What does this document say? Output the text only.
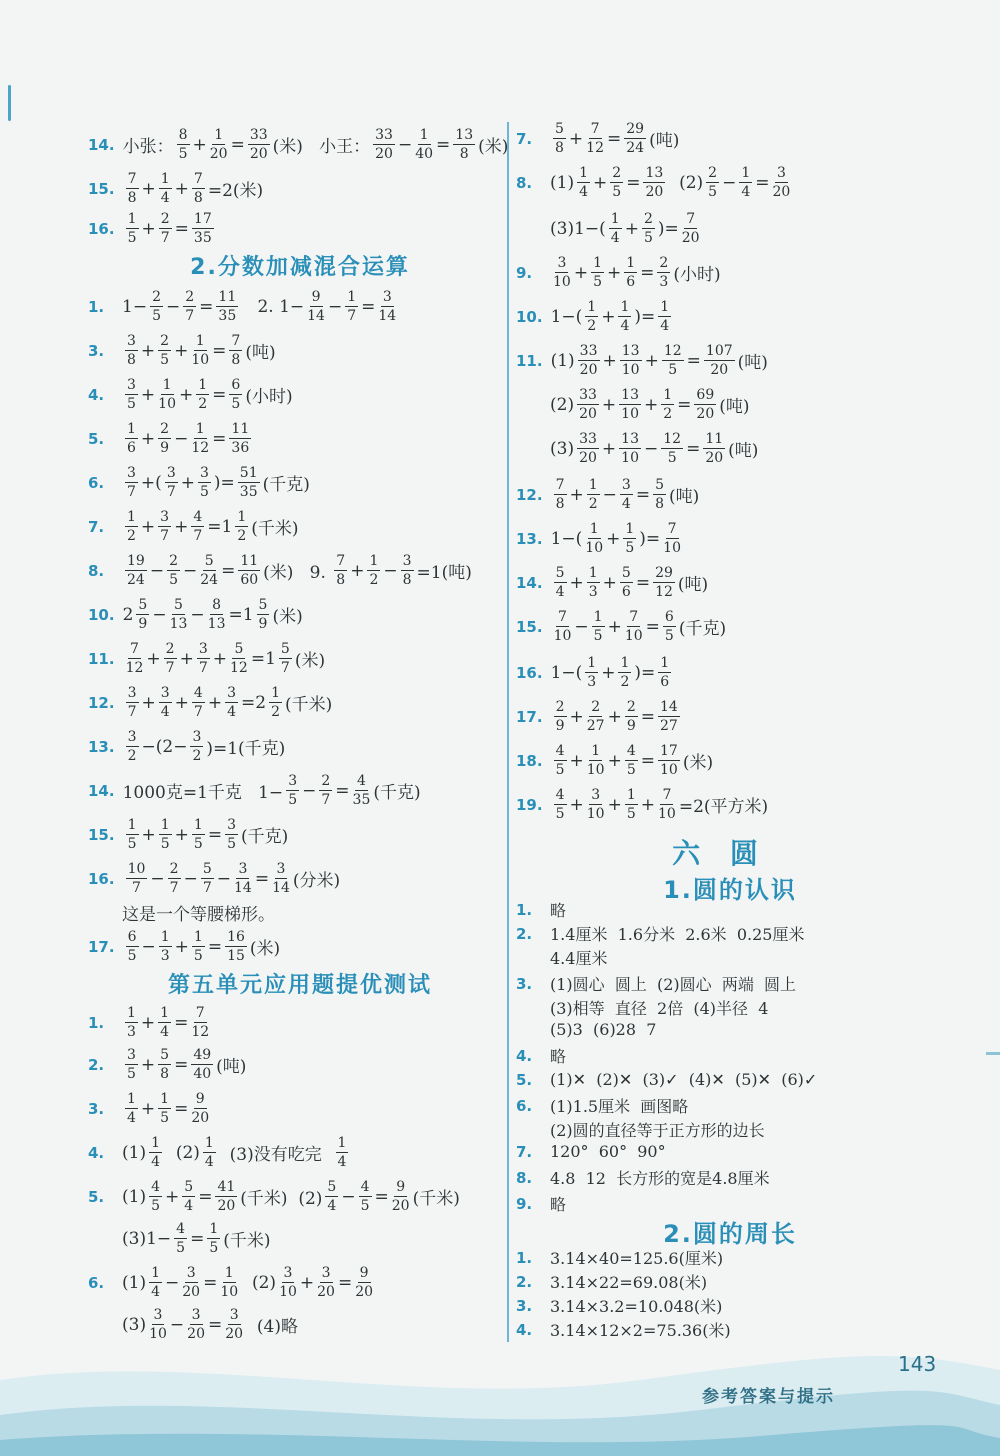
14. 小张： $\frac{8}{5} + \frac{1}{20} = \frac{33}{20}$ (米)   小王： $\frac{33}{20} - \frac{1}{40} = \frac{13}{8}$ (米)
15. $\frac{7}{8} + \frac{1}{4} + \frac{7}{8} =2$(米)
16. $\frac{1}{5} + \frac{2}{7} = \frac{17}{35}$
1.	$1- \frac{2}{5} - \frac{2}{7} = \frac{11}{35} 2$. $1- \frac{9}{14} - \frac{1}{7} = \frac{3}{14}$
3.	$\frac{3}{8} + \frac{2}{5} + \frac{1}{10} = \frac{7}{8}$ (吨)
4.	$\frac{3}{5} + \frac{1}{10} + \frac{1}{2} = \frac{6}{5}$ (小时)
5.	$\frac{1}{6} + \frac{2}{9} - \frac{1}{12} = \frac{11}{36}$
6.	$\frac{3}{7}$ +( $\frac{3}{7} + \frac{3}{5}$ )= $\frac{51}{35}$ (千克)
7.	$\frac{1}{2} + \frac{3}{7} + \frac{4}{7} =1 \frac{1}{2}$ (千米)
8.	$\frac{19}{24} - \frac{2}{5} - \frac{5}{24} = \frac{11}{60}$ (米)   9. $\frac{7}{8} + \frac{1}{2} - \frac{3}{8} =1$(吨)
10. $2 \frac{5}{9} - \frac{5}{13} - \frac{8}{13} =1 \frac{5}{9}$ (米)
11. $\frac{7}{12} + \frac{2}{7} + \frac{3}{7} + \frac{5}{12} =1 \frac{5}{7}$ (米)
12. $\frac{3}{7} + \frac{3}{4} + \frac{4}{7} + \frac{3}{4} =2 \frac{1}{2}$ (千米)
13. $\frac{3}{2} -(2- \frac{3}{2} )=1$(千克)
14. 1000克=1千克   $1- \frac{3}{5} - \frac{2}{7} = \frac{4}{35}$ (千克)
15. $\frac{1}{5} + \frac{1}{5} + \frac{1}{5} = \frac{3}{5}$ (千克)
16. $\frac{10}{7} - \frac{2}{7} - \frac{5}{7} - \frac{3}{14} = \frac{3}{14}$ (分米)
这是一个等腰梯形。
17. $\frac{6}{5} - \frac{1}{3} + \frac{1}{5} = \frac{16}{15}$ (米)
1.	$\frac{1}{3} + \frac{1}{4} = \frac{7}{12}$
2.	$\frac{3}{5} + \frac{5}{8} = \frac{49}{40}$ (吨)
3.	$\frac{1}{4} + \frac{1}{5} = \frac{9}{20}$
4.	$(1) \frac{1}{4} (2) \frac{1}{4} (3)$没有吃完 $\frac{1}{4}$
5.	$(1) \frac{4}{5} + \frac{5}{4} = \frac{41}{20}$ (千米)  $(2) \frac{5}{4} - \frac{4}{5} = \frac{9}{20}$ (千米)
$(3)1- \frac{4}{5} = \frac{1}{5}$ (千米)
6.	$(1) \frac{1}{4} - \frac{3}{20} = \frac{1}{10} (2) \frac{3}{10} + \frac{3}{20} = \frac{9}{20}$
$(3) \frac{3}{10} - \frac{3}{20} = \frac{3}{20} (4)$略
7.	$\frac{5}{8} + \frac{7}{12} = \frac{29}{24}$ (吨)
8.	$(1) \frac{1}{4} + \frac{2}{5} = \frac{13}{20} (2) \frac{2}{5} - \frac{1}{4} = \frac{3}{20}$
$(3)1-( \frac{1}{4} + \frac{2}{5}$ )= $\frac{7}{20}$
9.	$\frac{3}{10} + \frac{1}{5} + \frac{1}{6} = \frac{2}{3}$ (小时)
10. $1-( \frac{1}{2} + \frac{1}{4}$ )= $\frac{1}{4}$
11. $(1) \frac{33}{20} + \frac{13}{10} + \frac{12}{5} = \frac{107}{20}$ (吨)
$(2) \frac{33}{20} + \frac{13}{10} + \frac{1}{2} = \frac{69}{20}$ (吨)
$(3) \frac{33}{20} + \frac{13}{10} - \frac{12}{5} = \frac{11}{20}$ (吨)
12. $\frac{7}{8} + \frac{1}{2} - \frac{3}{4} = \frac{5}{8}$ (吨)
13. $1-( \frac{1}{10} + \frac{1}{5}$ )= $\frac{7}{10}$
14. $\frac{5}{4} + \frac{1}{3} + \frac{5}{6} = \frac{29}{12}$ (吨)
15. $\frac{7}{10} - \frac{1}{5} + \frac{7}{10} = \frac{6}{5}$ (千克)
16. $1-( \frac{1}{3} + \frac{1}{2}$ )= $\frac{1}{6}$
17. $\frac{2}{9} + \frac{2}{27} + \frac{2}{9} = \frac{14}{27}$
18. $\frac{4}{5} + \frac{1}{10} + \frac{4}{5} = \frac{17}{10}$ (米)
19. $\frac{4}{5} + \frac{3}{10} + \frac{1}{5} + \frac{7}{10} =2$(平方米)
1.	略
2.	1.4厘米  1.6分米  2.6米  0.25厘米
4.4厘米
3.	(1)圆心  圆上  (2)圆心  两端  圆上
(3)相等  直径  2倍  (4)半径  4
(5)3  (6)28  7
4.	略
5.	(1)✕  (2)✕  (3)✓  (4)✕  (5)✕  (6)✓
6.	(1)1.5厘米  画图略
(2)圆的直径等于正方形的边长
7.	120°  60°  90°
8.	4.8  12  长方形的宽是4.8厘米
9.	略
1.	3.14×40=125.6(厘米)
2.	3.14×22=69.08(米)
3.	3.14×3.2=10.048(米)
4.	3.14×12×2=75.36(米)
2.分数加减混合运算
第五单元应用题提优测试
六 圆
1.圆的认识
2.圆的周长
143
参考答案与提示
